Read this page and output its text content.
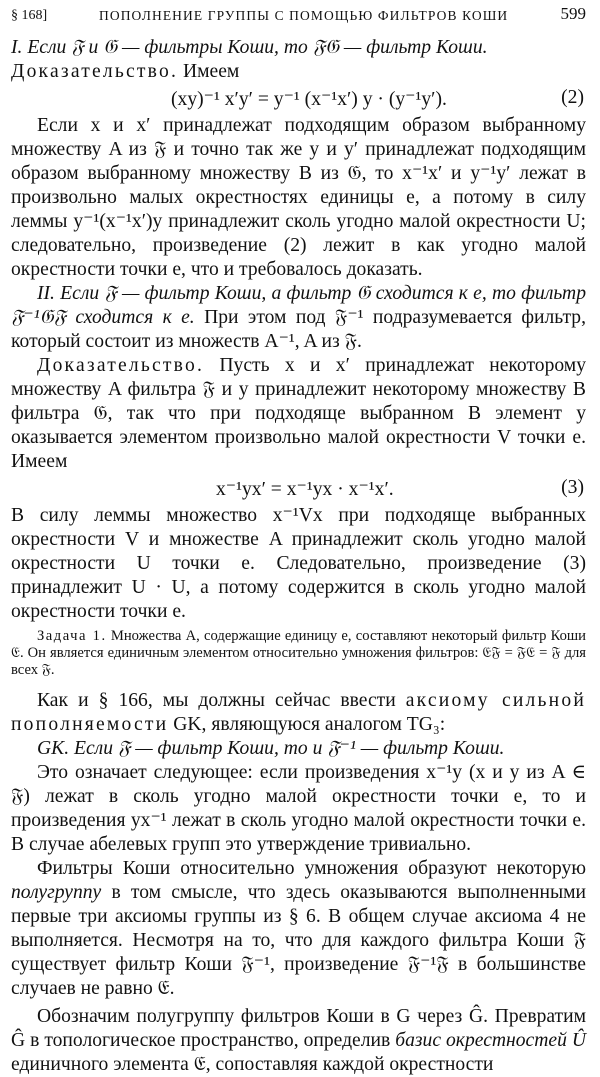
§ 168]	ПОПОЛНЕНИЕ ГРУППЫ С ПОМОЩЬЮ ФИЛЬТРОВ КОШИ	599

I. Если 𝔉 и 𝔊 — фильтры Коши, то 𝔉𝔊 — фильтр Коши.

Доказательство. Имеем

(xy)⁻¹ x′y′ = y⁻¹ (x⁻¹x′) y · (y⁻¹y′).	(2)

Если x и x′ принадлежат подходящим образом выбранному множеству A из 𝔉 и точно так же y и y′ принадлежат подходящим образом выбранному множеству B из 𝔊, то x⁻¹x′ и y⁻¹y′ лежат в произвольно малых окрестностях единицы e, а потому в силу леммы y⁻¹(x⁻¹x′)y принадлежит сколь угодно малой окрестности U; следовательно, произведение (2) лежит в как угодно малой окрестности точки e, что и требовалось доказать.

II. Если 𝔉 — фильтр Коши, а фильтр 𝔊 сходится к e, то фильтр 𝔉⁻¹𝔊𝔉 сходится к e. При этом под 𝔉⁻¹ подразумевается фильтр, который состоит из множеств A⁻¹, A из 𝔉.

Доказательство. Пусть x и x′ принадлежат некоторому множеству A фильтра 𝔉 и y принадлежит некоторому множеству B фильтра 𝔊, так что при подходяще выбранном B элемент y оказывается элементом произвольно малой окрестности V точки e. Имеем

x⁻¹yx′ = x⁻¹yx · x⁻¹x′.	(3)

В силу леммы множество x⁻¹Vx при подходяще выбранных окрестности V и множестве A принадлежит сколь угодно малой окрестности U точки e. Следовательно, произведение (3) принадлежит U · U, а потому содержится в сколь угодно малой окрестности точки e.

Задача 1. Множества A, содержащие единицу e, составляют некоторый фильтр Коши 𝔈. Он является единичным элементом относительно умножения фильтров: 𝔈𝔉 = 𝔉𝔈 = 𝔉 для всех 𝔉.

Как и § 166, мы должны сейчас ввести аксиому сильной пополняемости GK, являющуюся аналогом TG₃:

GK. Если 𝔉 — фильтр Коши, то и 𝔉⁻¹ — фильтр Коши.

Это означает следующее: если произведения x⁻¹y (x и y из A ∈ 𝔉) лежат в сколь угодно малой окрестности точки e, то и произведения yx⁻¹ лежат в сколь угодно малой окрестности точки e. В случае абелевых групп это утверждение тривиально.

Фильтры Коши относительно умножения образуют некоторую полугруппу в том смысле, что здесь оказываются выполненными первые три аксиомы группы из § 6. В общем случае аксиома 4 не выполняется. Несмотря на то, что для каждого фильтра Коши 𝔉 существует фильтр Коши 𝔉⁻¹, произведение 𝔉⁻¹𝔉 в большинстве случаев не равно 𝔈.

Обозначим полугруппу фильтров Коши в G через Ĝ. Превратим Ĝ в топологическое пространство, определив базис окрестностей Û единичного элемента 𝔈, сопоставляя каждой окрестности
